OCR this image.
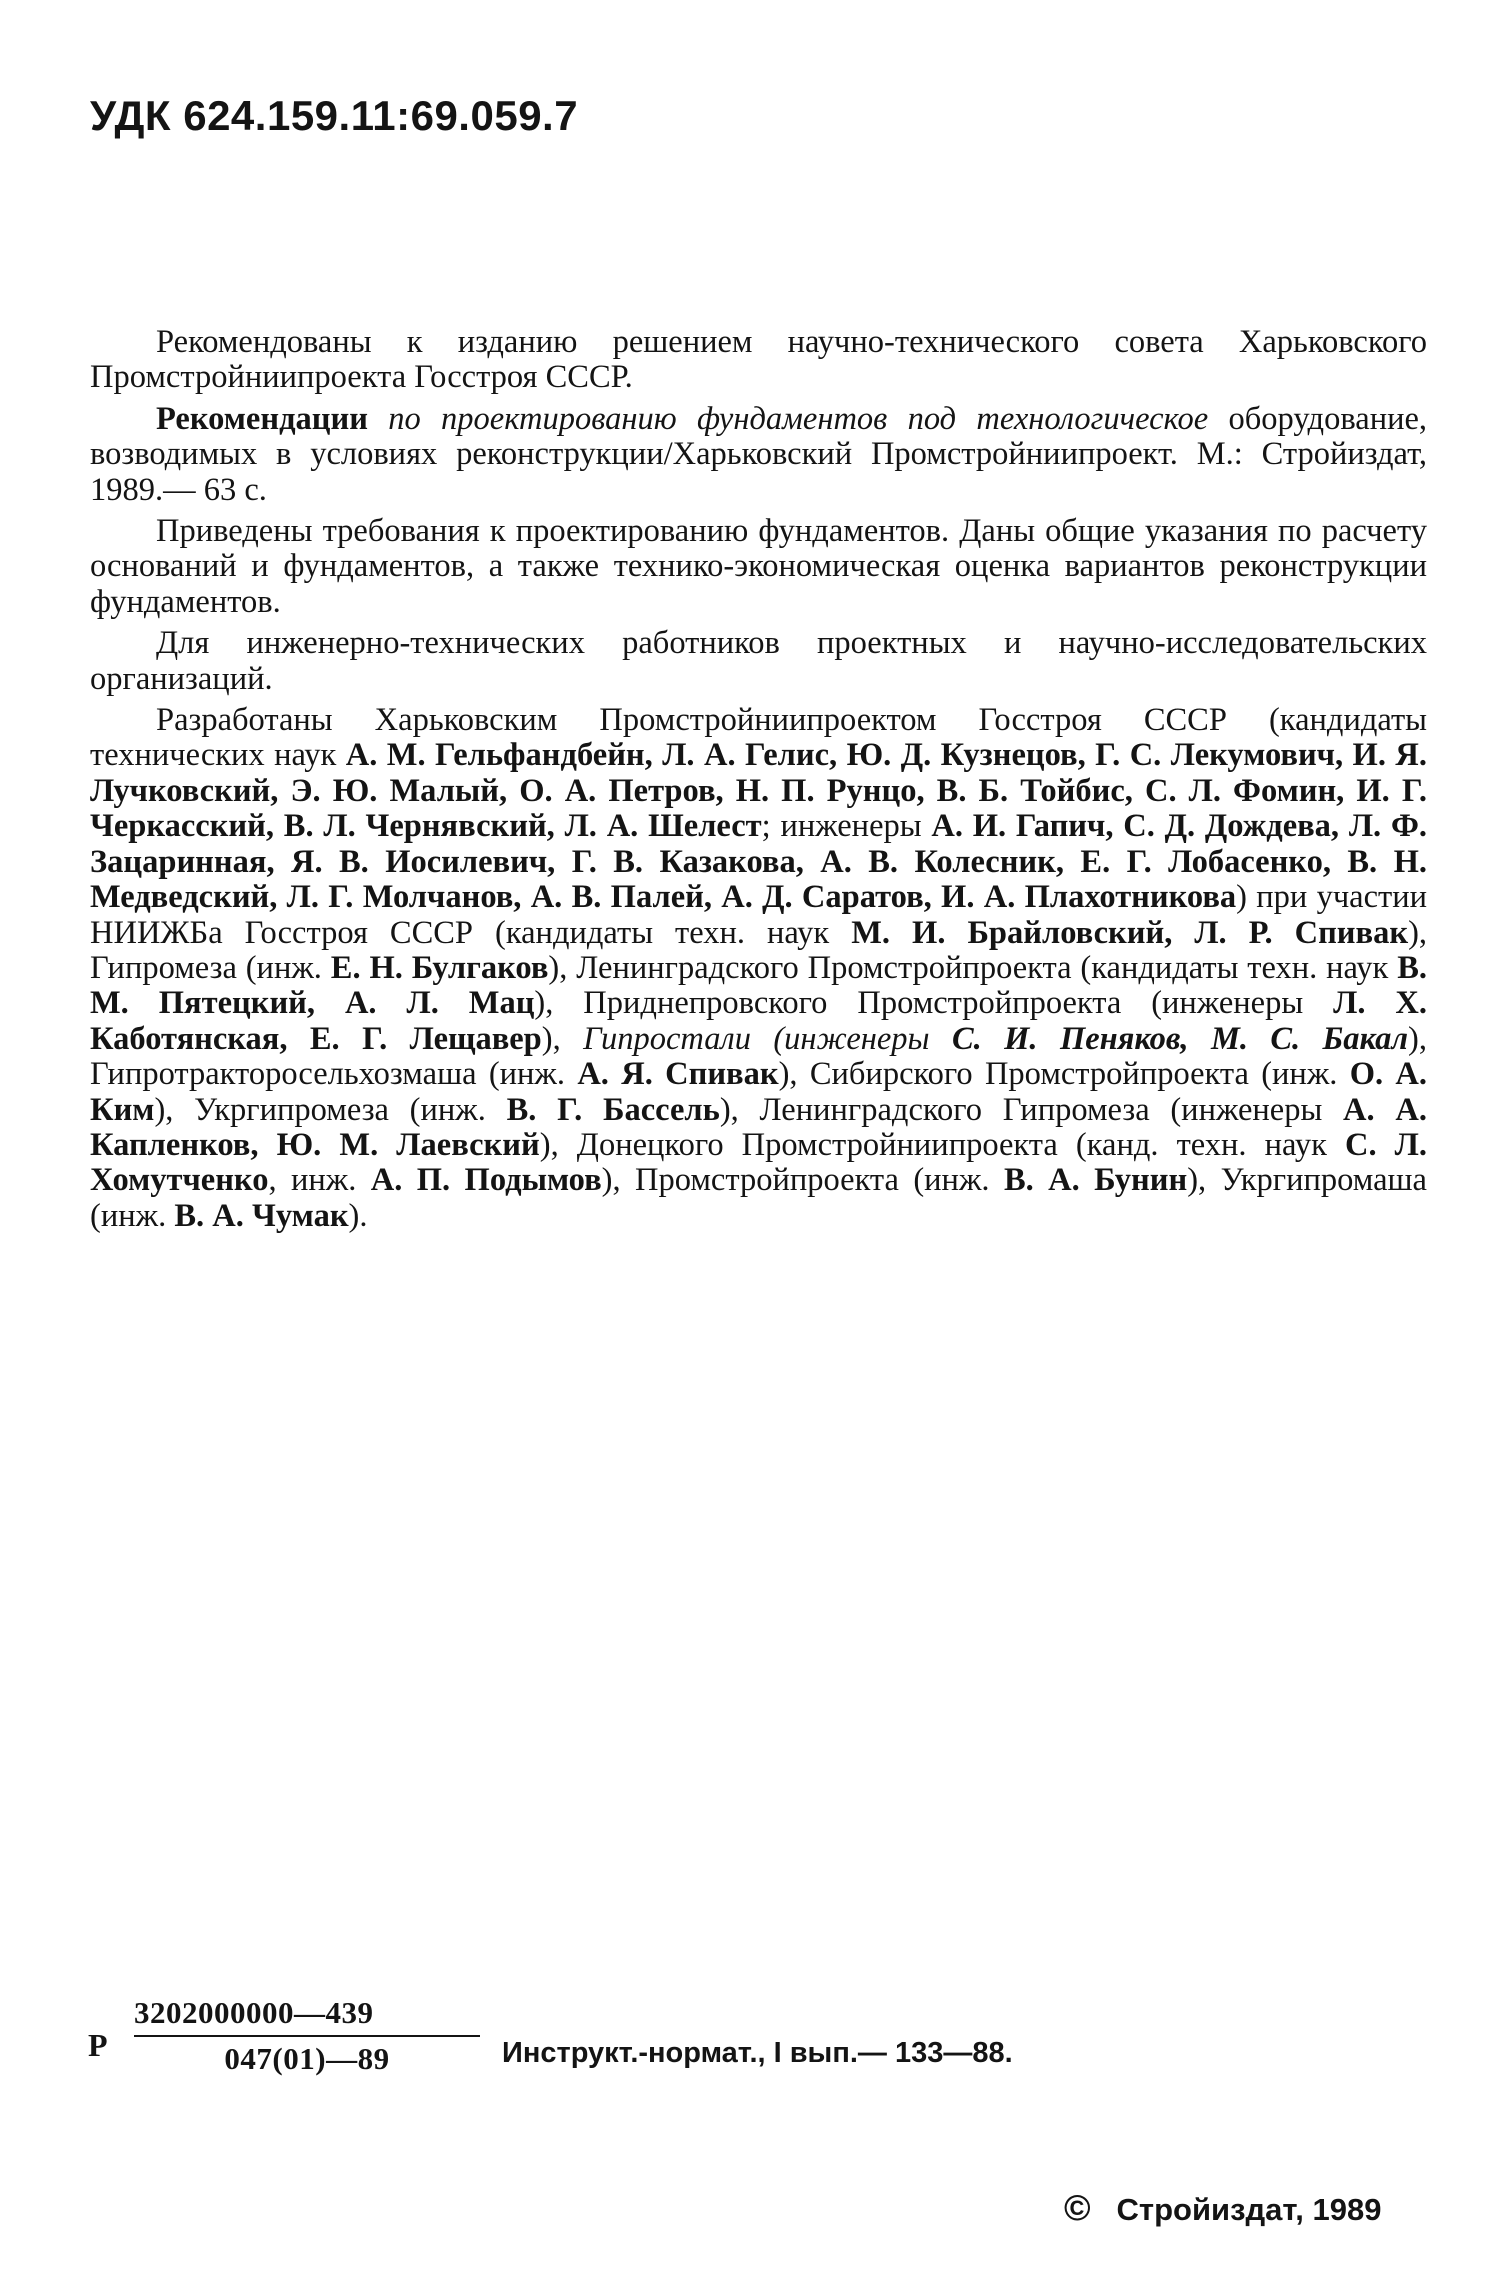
УДК 624.159.11:69.059.7

Рекомендованы к изданию решением научно-технического совета Харьковского Промстройниипроекта Госстроя СССР.

Рекомендации по проектированию фундаментов под технологическое оборудование, возводимых в условиях реконструкции/Харьковский Промстройниипроект. М.: Стройиздат, 1989.— 63 с.

Приведены требования к проектированию фундаментов. Даны общие указания по расчету оснований и фундаментов, а также технико-экономическая оценка вариантов реконструкции фундаментов.

Для инженерно-технических работников проектных и научно-исследовательских организаций.

Разработаны Харьковским Промстройниипроектом Госстроя СССР (кандидаты технических наук А. М. Гельфандбейн, Л. А. Гелис, Ю. Д. Кузнецов, Г. С. Лекумович, И. Я. Лучковский, Э. Ю. Малый, О. А. Петров, Н. П. Рунцо, В. Б. Тойбис, С. Л. Фомин, И. Г. Черкасский, В. Л. Чернявский, Л. А. Шелест; инженеры А. И. Гапич, С. Д. Дождева, Л. Ф. Зацаринная, Я. В. Иосилевич, Г. В. Казакова, А. В. Колесник, Е. Г. Лобасенко, В. Н. Медведский, Л. Г. Молчанов, А. В. Палей, А. Д. Саратов, И. А. Плахотникова) при участии НИИЖБа Госстроя СССР (кандидаты техн. наук М. И. Брайловский, Л. Р. Спивак), Гипромеза (инж. Е. Н. Булгаков), Ленинградского Промстройпроекта (кандидаты техн. наук В. М. Пятецкий, А. Л. Мац), Приднепровского Промстройпроекта (инженеры Л. Х. Каботянская, Е. Г. Лещавер), Гипростали (инженеры С. И. Пеняков, М. С. Бакал), Гипротракторосельхозмаша (инж. А. Я. Спивак), Сибирского Промстройпроекта (инж. О. А. Ким), Укргипромеза (инж. В. Г. Бассель), Ленинградского Гипромеза (инженеры А. А. Капленков, Ю. М. Лаевский), Донецкого Промстройниипроекта (канд. техн. наук С. Л. Хомутченко, инж. А. П. Подымов), Промстройпроекта (инж. В. А. Бунин), Укргипромаша (инж. В. А. Чумак).

Р $\frac{3202000000—439}{047(01)—89}$ Инструкт.-нормат., I вып.— 133—88.
© Стройиздат, 1989
